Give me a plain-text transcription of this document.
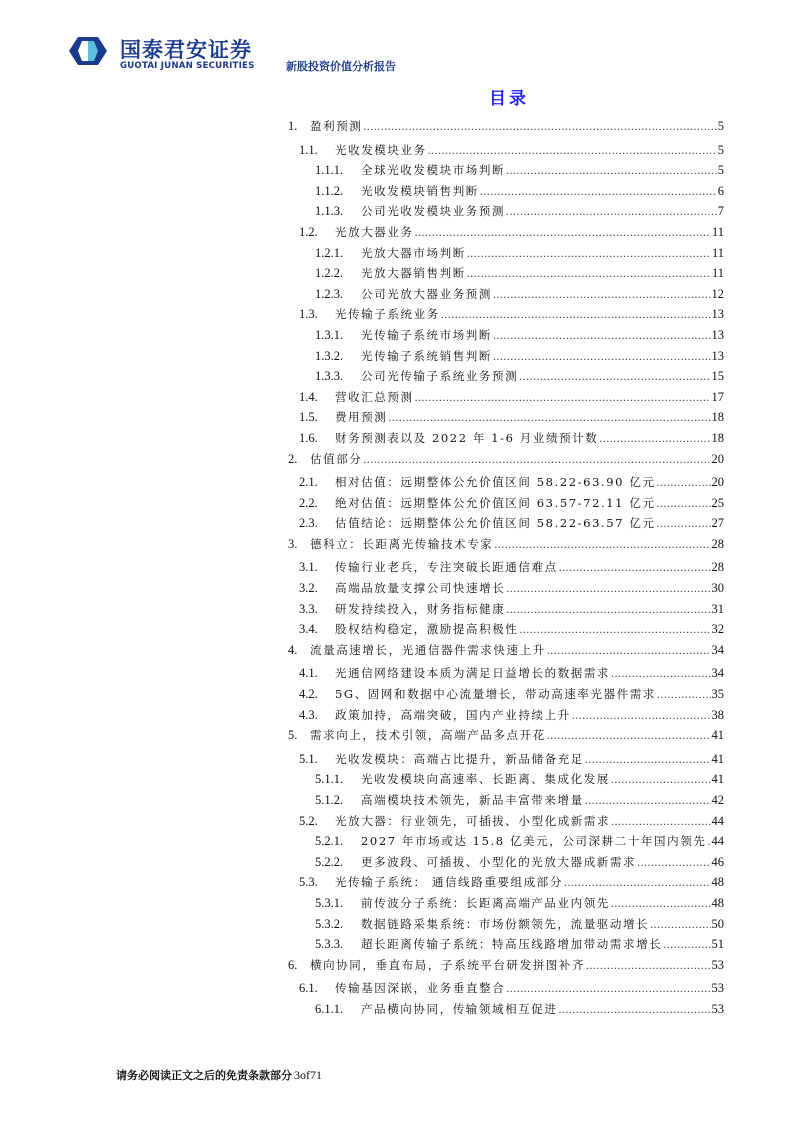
国泰君安证券
GUOTAI JUNAN SECURITIES	新股投资价值分析报告
目录
1.	盈利预测 .....	5
1.1.	光收发模块业务 .....	5
1.1.1.	全球光收发模块市场判断 .....	5
1.1.2.	光收发模块销售判断 .....	6
1.1.3.	公司光收发模块业务预测 .....	7
1.2.	光放大器业务 .....	11
1.2.1.	光放大器市场判断 .....	11
1.2.2.	光放大器销售判断 .....	11
1.2.3.	公司光放大器业务预测 .....	12
1.3.	光传输子系统业务 .....	13
1.3.1.	光传输子系统市场判断 .....	13
1.3.2.	光传输子系统销售判断 .....	13
1.3.3.	公司光传输子系统业务预测 .....	15
1.4.	营收汇总预测 .....	17
1.5.	费用预测 .....	18
1.6.	财务预测表以及 2022 年 1-6 月业绩预计数 .....	18
2.	估值部分 .....	20
2.1.	相对估值：远期整体公允价值区间 58.22-63.90 亿元 .....	20
2.2.	绝对估值：远期整体公允价值区间 63.57-72.11 亿元 .....	25
2.3.	估值结论：远期整体公允价值区间 58.22-63.57 亿元 .....	27
3.	德科立：长距离光传输技术专家 .....	28
3.1.	传输行业老兵，专注突破长距通信难点 .....	28
3.2.	高端品放量支撑公司快速增长 .....	30
3.3.	研发持续投入，财务指标健康 .....	31
3.4.	股权结构稳定，激励提高积极性 .....	32
4.	流量高速增长，光通信器件需求快速上升 .....	34
4.1.	光通信网络建设本质为满足日益增长的数据需求 .....	34
4.2.	5G、固网和数据中心流量增长，带动高速率光器件需求 .....	35
4.3.	政策加持，高端突破，国内产业持续上升 .....	38
5.	需求向上，技术引领，高端产品多点开花 .....	41
5.1.	光收发模块：高端占比提升，新品储备充足 .....	41
5.1.1.	光收发模块向高速率、长距离、集成化发展 .....	41
5.1.2.	高端模块技术领先，新品丰富带来增量 .....	42
5.2.	光放大器：行业领先，可插拔、小型化成新需求 .....	44
5.2.1.	2027 年市场或达 15.8 亿美元，公司深耕二十年国内领先 ..... 44
5.2.2.	更多波段、可插拔、小型化的光放大器成新需求 .....	46
5.3.	光传输子系统： 通信线路重要组成部分 .....	48
5.3.1.	前传波分子系统：长距离高端产品业内领先 .....	48
5.3.2.	数据链路采集系统：市场份额领先，流量驱动增长 .....	50
5.3.3.	超长距离传输子系统：特高压线路增加带动需求增长 .....	51
6.	横向协同，垂直布局，子系统平台研发拼图补齐 .....	53
6.1.	传输基因深嵌，业务垂直整合 .....	53
6.1.1.	产品横向协同，传输领域相互促进 .....	53
请务必阅读正文之后的免责条款部分 3of71
